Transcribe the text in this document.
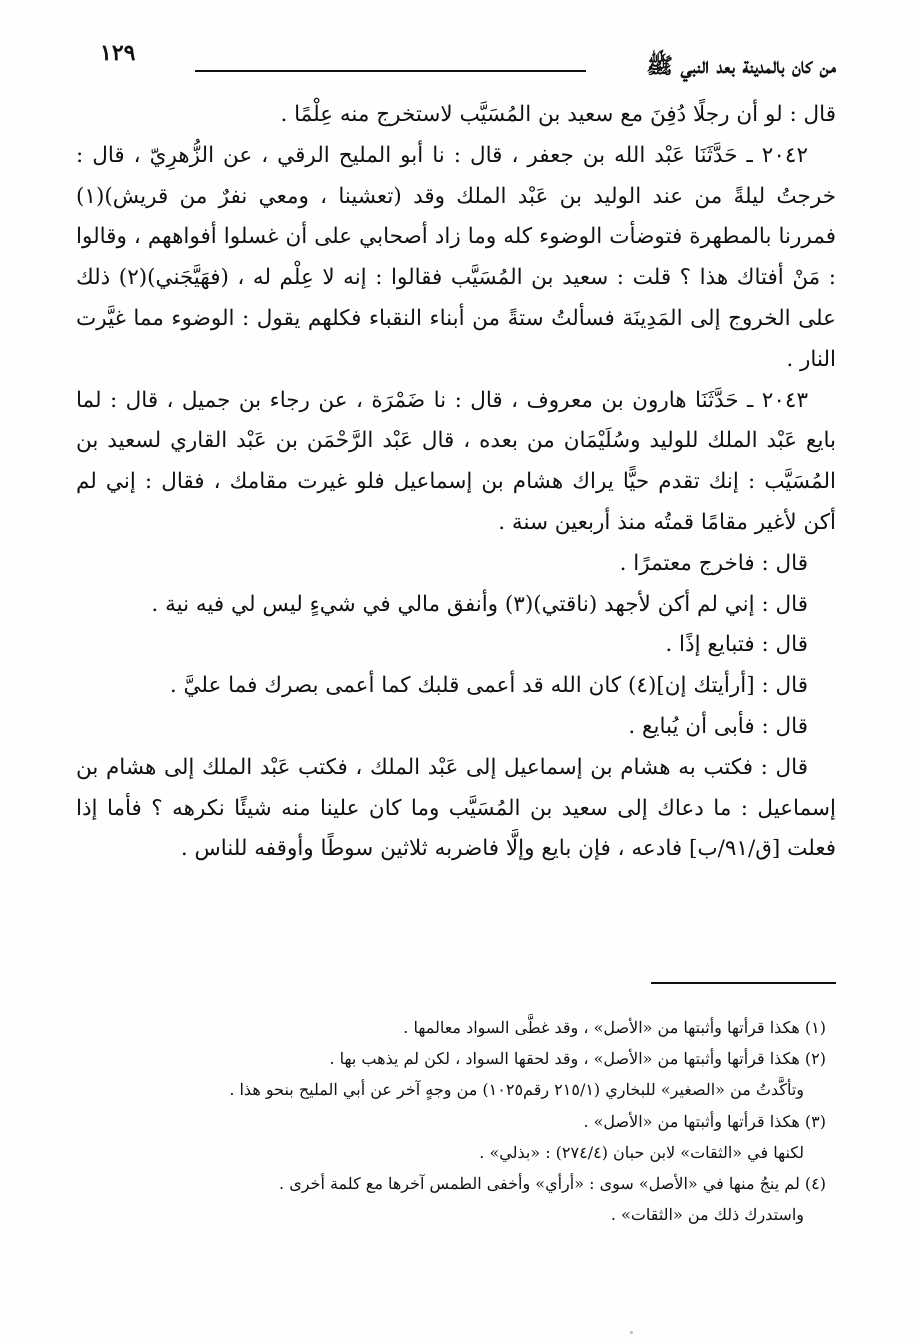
من كان بالمدينة بعد النبي ﷺ
١٢٩

قال : لو أن رجلًا دُفِنَ مع سعيد بن المُسَيَّب لاستخرج منه عِلْمًا .

٢٠٤٢ ـ حَدَّثَنَا عَبْد الله بن جعفر ، قال : نا أبو المليح الرقي ، عن الزُّهرِيّ ، قال : خرجتُ ليلةً من عند الوليد بن عَبْد الملك وقد (تعشينا ، ومعي نفرٌ من قريش)(١) فمررنا بالمطهرة فتوضأت الوضوء كله وما زاد أصحابي على أن غسلوا أفواههم ، وقالوا : مَنْ أفتاك هذا ؟ قلت : سعيد بن المُسَيَّب فقالوا : إنه لا عِلْم له ، (فهَيَّجَني)(٢) ذلك على الخروج إلى المَدِينَة فسألتُ ستةً من أبناء النقباء فكلهم يقول : الوضوء مما غيَّرت النار .

٢٠٤٣ ـ حَدَّثَنَا هارون بن معروف ، قال : نا ضَمْرَة ، عن رجاء بن جميل ، قال : لما بايع عَبْد الملك للوليد وسُلَيْمَان من بعده ، قال عَبْد الرَّحْمَن بن عَبْد القاري لسعيد بن المُسَيَّب : إنك تقدم حيًّا يراك هشام بن إسماعيل فلو غيرت مقامك ، فقال : إني لم أكن لأغير مقامًا قمتُه منذ أربعين سنة .

قال : فاخرج معتمرًا .

قال : إني لم أكن لأجهد (ناقتي)(٣) وأنفق مالي في شيءٍ ليس لي فيه نية .

قال : فتبايع إذًا .

قال : [أرأيتك إن](٤) كان الله قد أعمى قلبك كما أعمى بصرك فما عليَّ .

قال : فأبى أن يُبايع .

قال : فكتب به هشام بن إسماعيل إلى عَبْد الملك ، فكتب عَبْد الملك إلى هشام بن إسماعيل : ما دعاك إلى سعيد بن المُسَيَّب وما كان علينا منه شيئًا نكرهه ؟ فأما إذا فعلت [ق/٩١/ب] فادعه ، فإن بايع وإلَّا فاضربه ثلاثين سوطًا وأوقفه للناس .

(١) هكذا قرأتها وأثبتها من «الأصل» ، وقد غطَّى السواد معالمها .

(٢) هكذا قرأتها وأثبتها من «الأصل» ، وقد لحقها السواد ، لكن لم يذهب بها .

وتأكَّدتُ من «الصغير» للبخاري (٢١٥/١ رقم١٠٢٥) من وجهٍ آخر عن أبي المليح بنحو هذا .

(٣) هكذا قرأتها وأثبتها من «الأصل» .

لكنها في «الثقات» لابن حبان (٢٧٤/٤) : «بذلي» .

(٤) لم ينجُ منها في «الأصل» سوى : «أرأي» وأخفى الطمس آخرها مع كلمة أخرى .

واستدرك ذلك من «الثقات» .
